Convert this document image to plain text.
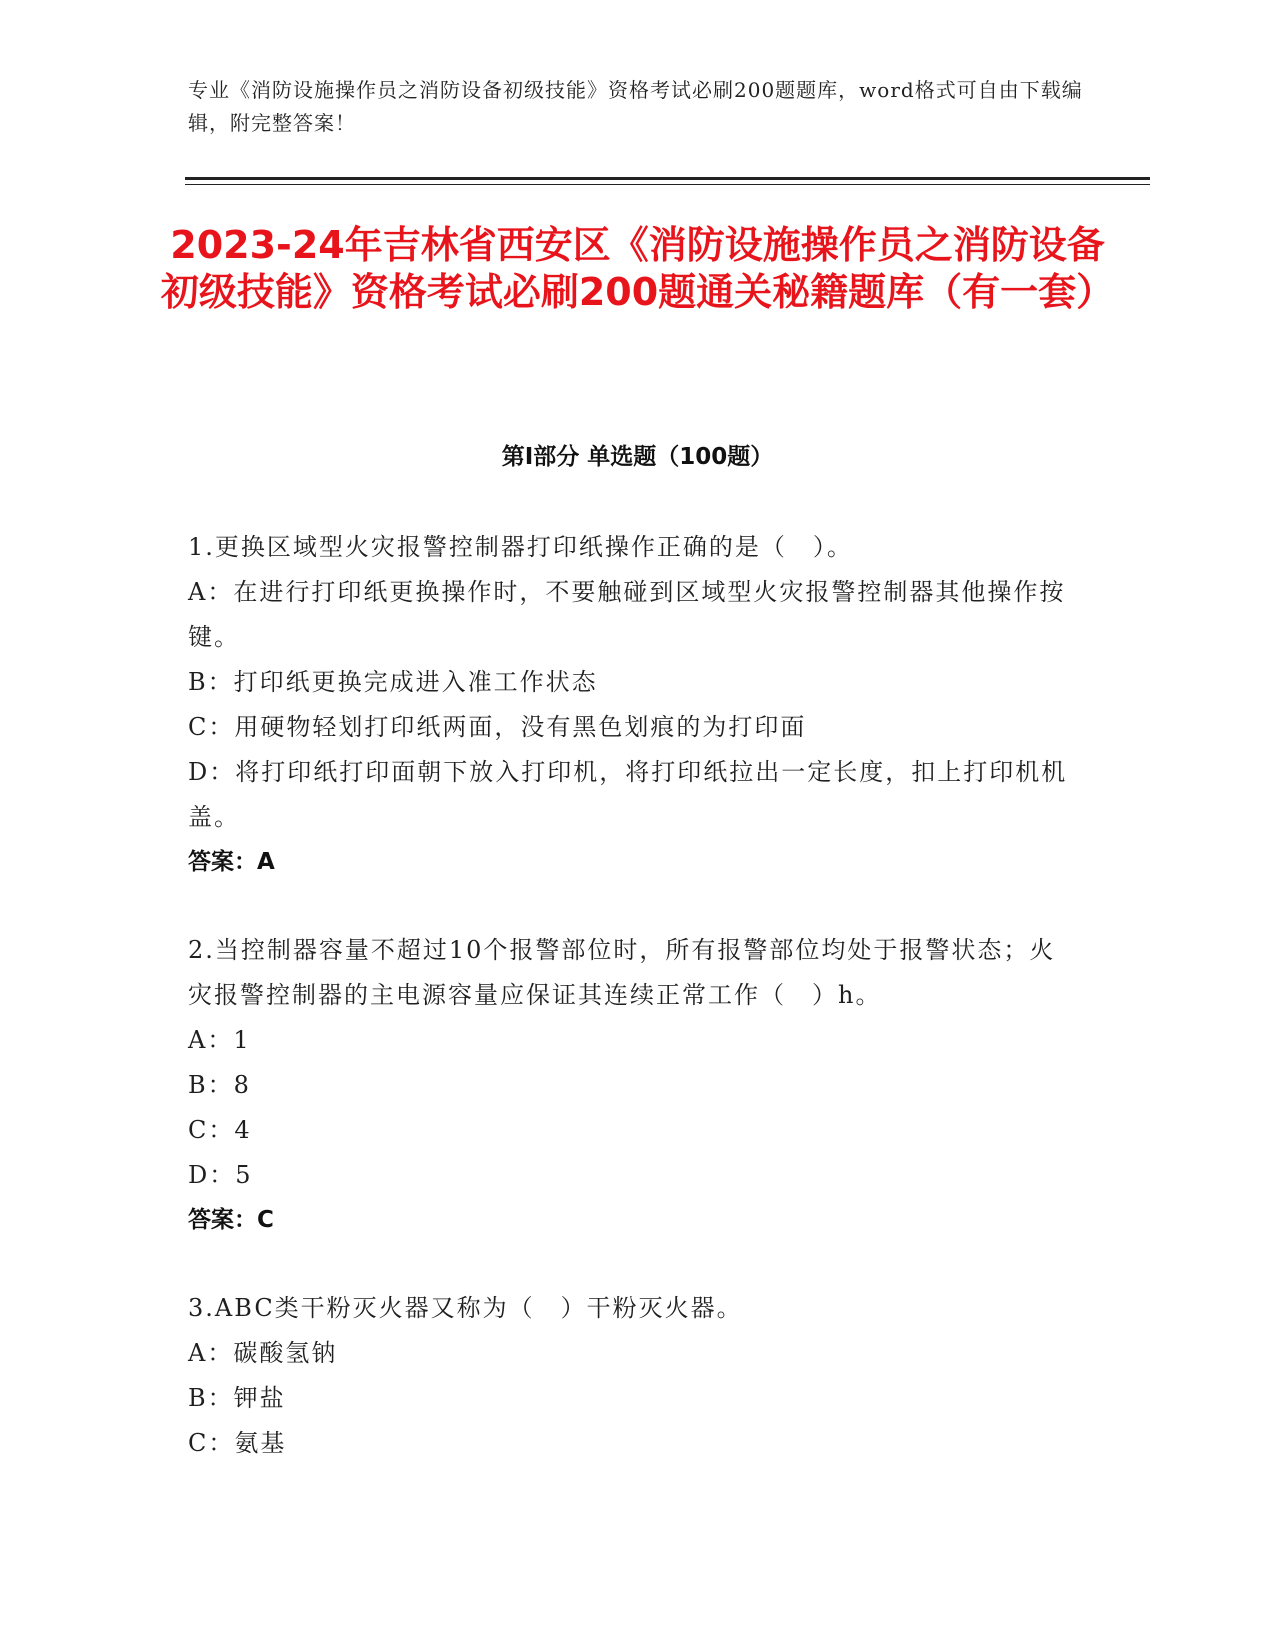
专业《消防设施操作员之消防设备初级技能》资格考试必刷200题题库，word格式可自由下载编辑，附完整答案！
2023-24年吉林省西安区《消防设施操作员之消防设备初级技能》资格考试必刷200题通关秘籍题库（有一套）
第Ⅰ部分 单选题（100题）

1.更换区域型火灾报警控制器打印纸操作正确的是（　）。

A：在进行打印纸更换操作时，不要触碰到区域型火灾报警控制器其他操作按键。

B：打印纸更换完成进入准工作状态

C：用硬物轻划打印纸两面，没有黑色划痕的为打印面

D：将打印纸打印面朝下放入打印机，将打印纸拉出一定长度，扣上打印机机盖。

答案：A

2.当控制器容量不超过10个报警部位时，所有报警部位均处于报警状态；火灾报警控制器的主电源容量应保证其连续正常工作（　）h。

A：1

B：8

C：4

D：5

答案：C

3.ABC类干粉灭火器又称为（　）干粉灭火器。

A：碳酸氢钠

B：钾盐

C：氨基
